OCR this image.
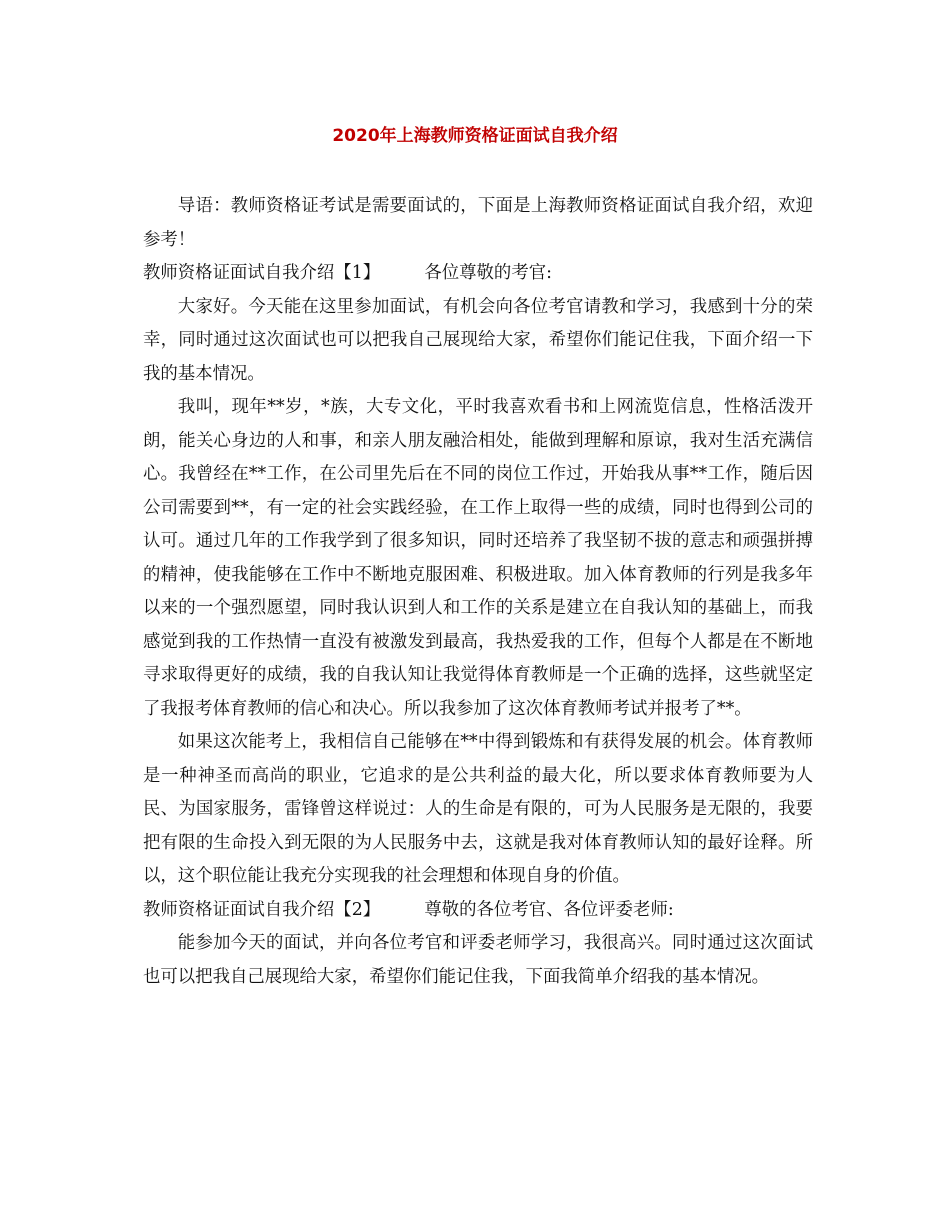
2020年上海教师资格证面试自我介绍

导语：教师资格证考试是需要面试的，下面是上海教师资格证面试自我介绍，欢迎参考！

教师资格证面试自我介绍【1】        各位尊敬的考官:

大家好。今天能在这里参加面试，有机会向各位考官请教和学习，我感到十分的荣幸，同时通过这次面试也可以把我自己展现给大家，希望你们能记住我，下面介绍一下我的基本情况。

我叫，现年**岁，*族，大专文化，平时我喜欢看书和上网流览信息，性格活泼开朗，能关心身边的人和事，和亲人朋友融洽相处，能做到理解和原谅，我对生活充满信心。我曾经在**工作，在公司里先后在不同的岗位工作过，开始我从事**工作，随后因公司需要到**，有一定的社会实践经验，在工作上取得一些的成绩，同时也得到公司的认可。通过几年的工作我学到了很多知识，同时还培养了我坚韧不拔的意志和顽强拼搏的精神，使我能够在工作中不断地克服困难、积极进取。加入体育教师的行列是我多年以来的一个强烈愿望，同时我认识到人和工作的关系是建立在自我认知的基础上，而我感觉到我的工作热情一直没有被激发到最高，我热爱我的工作，但每个人都是在不断地寻求取得更好的成绩，我的自我认知让我觉得体育教师是一个正确的选择，这些就坚定了我报考体育教师的信心和决心。所以我参加了这次体育教师考试并报考了**。

如果这次能考上，我相信自己能够在**中得到锻炼和有获得发展的机会。体育教师是一种神圣而高尚的职业，它追求的是公共利益的最大化，所以要求体育教师要为人民、为国家服务，雷锋曾这样说过：人的生命是有限的，可为人民服务是无限的，我要把有限的生命投入到无限的为人民服务中去，这就是我对体育教师认知的最好诠释。所以，这个职位能让我充分实现我的社会理想和体现自身的价值。

教师资格证面试自我介绍【2】        尊敬的各位考官、各位评委老师:

能参加今天的面试，并向各位考官和评委老师学习，我很高兴。同时通过这次面试也可以把我自己展现给大家，希望你们能记住我，下面我简单介绍我的基本情况。
